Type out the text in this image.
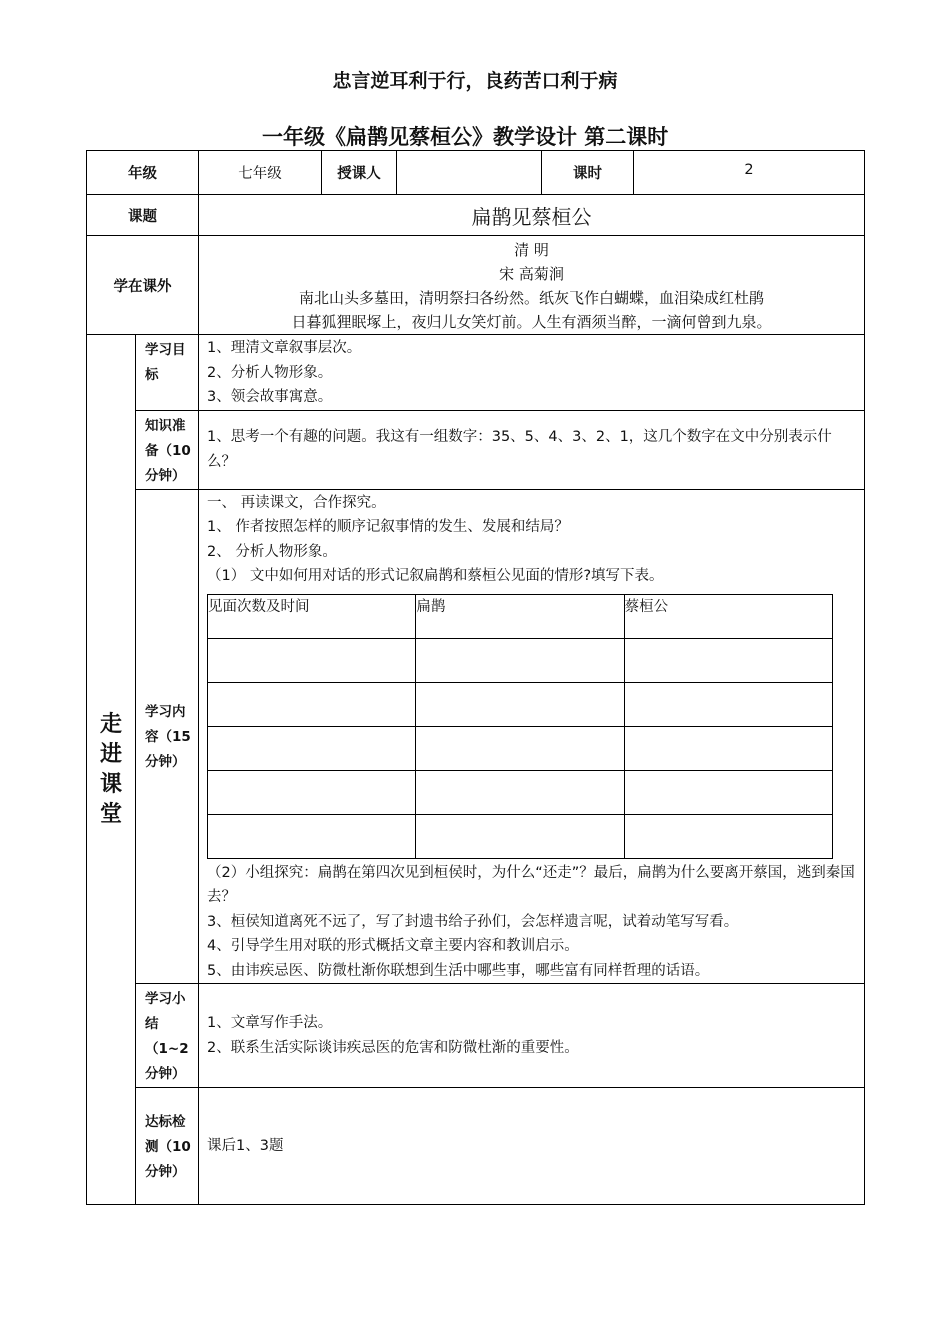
忠言逆耳利于行，良药苦口利于病
一年级《扁鹊见蔡桓公》教学设计 第二课时
年级	七年级	授课人		课时	2
课题	扁鹊见蔡桓公
学在课外	
清 明
宋 高菊涧
南北山头多墓田，清明祭扫各纷然。纸灰飞作白蝴蝶，血泪染成红杜鹃
日暮狐狸眠塚上，夜归儿女笑灯前。人生有酒须当醉，一滴何曾到九泉。

走进课堂
	学习目标	
1、理清文章叙事层次。
2、分析人物形象。
3、领会故事寓意。

知识准备（10分钟）	
1、思考一个有趣的问题。我这有一组数字：35、5、4、3、2、1，这几个数字在文中分别表示什么？

学习内容（15分钟）	
一、 再读课文，合作探究。
1、 作者按照怎样的顺序记叙事情的发生、发展和结局？
2、 分析人物形象。
（1） 文中如何用对话的形式记叙扁鹊和蔡桓公见面的情形?填写下表。
见面次数及时间	扁鹊	蔡桓公

（2）小组探究：扁鹊在第四次见到桓侯时，为什么“还走”？最后，扁鹊为什么要离开蔡国，逃到秦国去？
3、桓侯知道离死不远了，写了封遗书给子孙们，会怎样遗言呢，试着动笔写写看。
4、引导学生用对联的形式概括文章主要内容和教训启示。
5、由讳疾忌医、防微杜渐你联想到生活中哪些事，哪些富有同样哲理的话语。

学习小结（1~2分钟）	
1、文章写作手法。
2、联系生活实际谈讳疾忌医的危害和防微杜渐的重要性。

达标检测（10分钟）	
课后1、3题
